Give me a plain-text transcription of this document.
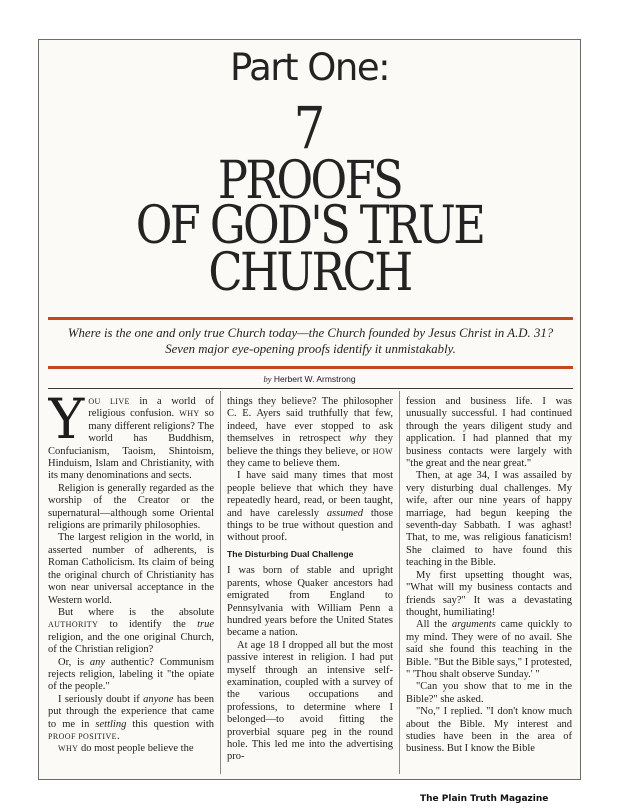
Part One:
7
PROOFS
OF GOD'S TRUE
CHURCH
Where is the one and only true Church today—the Church founded by Jesus Christ in A.D. 31?
Seven major eye-opening proofs identify it unmistakably.
by Herbert W. Armstrong

YOU LIVE in a world of religious confusion. WHY so many different religions? The world has Buddhism, Confucianism, Taoism, Shintoism, Hinduism, Islam and Christianity, with its many denominations and sects.

Religion is generally regarded as the worship of the Creator or the supernatural—although some Oriental religions are primarily philosophies.

The largest religion in the world, in asserted number of adherents, is Roman Catholicism. Its claim of being the original church of Christianity has won near universal acceptance in the Western world.

But where is the absolute AUTHORITY to identify the true religion, and the one original Church, of the Christian religion?

Or, is any authentic? Communism rejects religion, labeling it "the opiate of the people."

I seriously doubt if anyone has been put through the experience that came to me in settling this question with PROOF POSITIVE.

WHY do most people believe the

things they believe? The philosopher C. E. Ayers said truthfully that few, indeed, have ever stopped to ask themselves in retrospect why they believe the things they believe, or HOW they came to believe them.

I have said many times that most people believe that which they have repeatedly heard, read, or been taught, and have carelessly assumed those things to be true without question and without proof.

The Disturbing Dual Challenge

I was born of stable and upright parents, whose Quaker ancestors had emigrated from England to Pennsylvania with William Penn a hundred years before the United States became a nation.

At age 18 I dropped all but the most passive interest in religion. I had put myself through an intensive self-examination, coupled with a survey of the various occupations and professions, to determine where I belonged—to avoid fitting the proverbial square peg in the round hole. This led me into the advertising pro-

fession and business life. I was unusually successful. I had continued through the years diligent study and application. I had planned that my business contacts were largely with "the great and the near great."

Then, at age 34, I was assailed by very disturbing dual challenges. My wife, after our nine years of happy marriage, had begun keeping the seventh-day Sabbath. I was aghast! That, to me, was religious fanaticism! She claimed to have found this teaching in the Bible.

My first upsetting thought was, "What will my business contacts and friends say?" It was a devastating thought, humiliating!

All the arguments came quickly to my mind. They were of no avail. She said she found this teaching in the Bible. "But the Bible says," I protested, " 'Thou shalt observe Sunday.' "

"Can you show that to me in the Bible?" she asked.

"No," I replied. "I don't know much about the Bible. My interest and studies have been in the area of business. But I know the Bible

The Plain Truth Magazine
